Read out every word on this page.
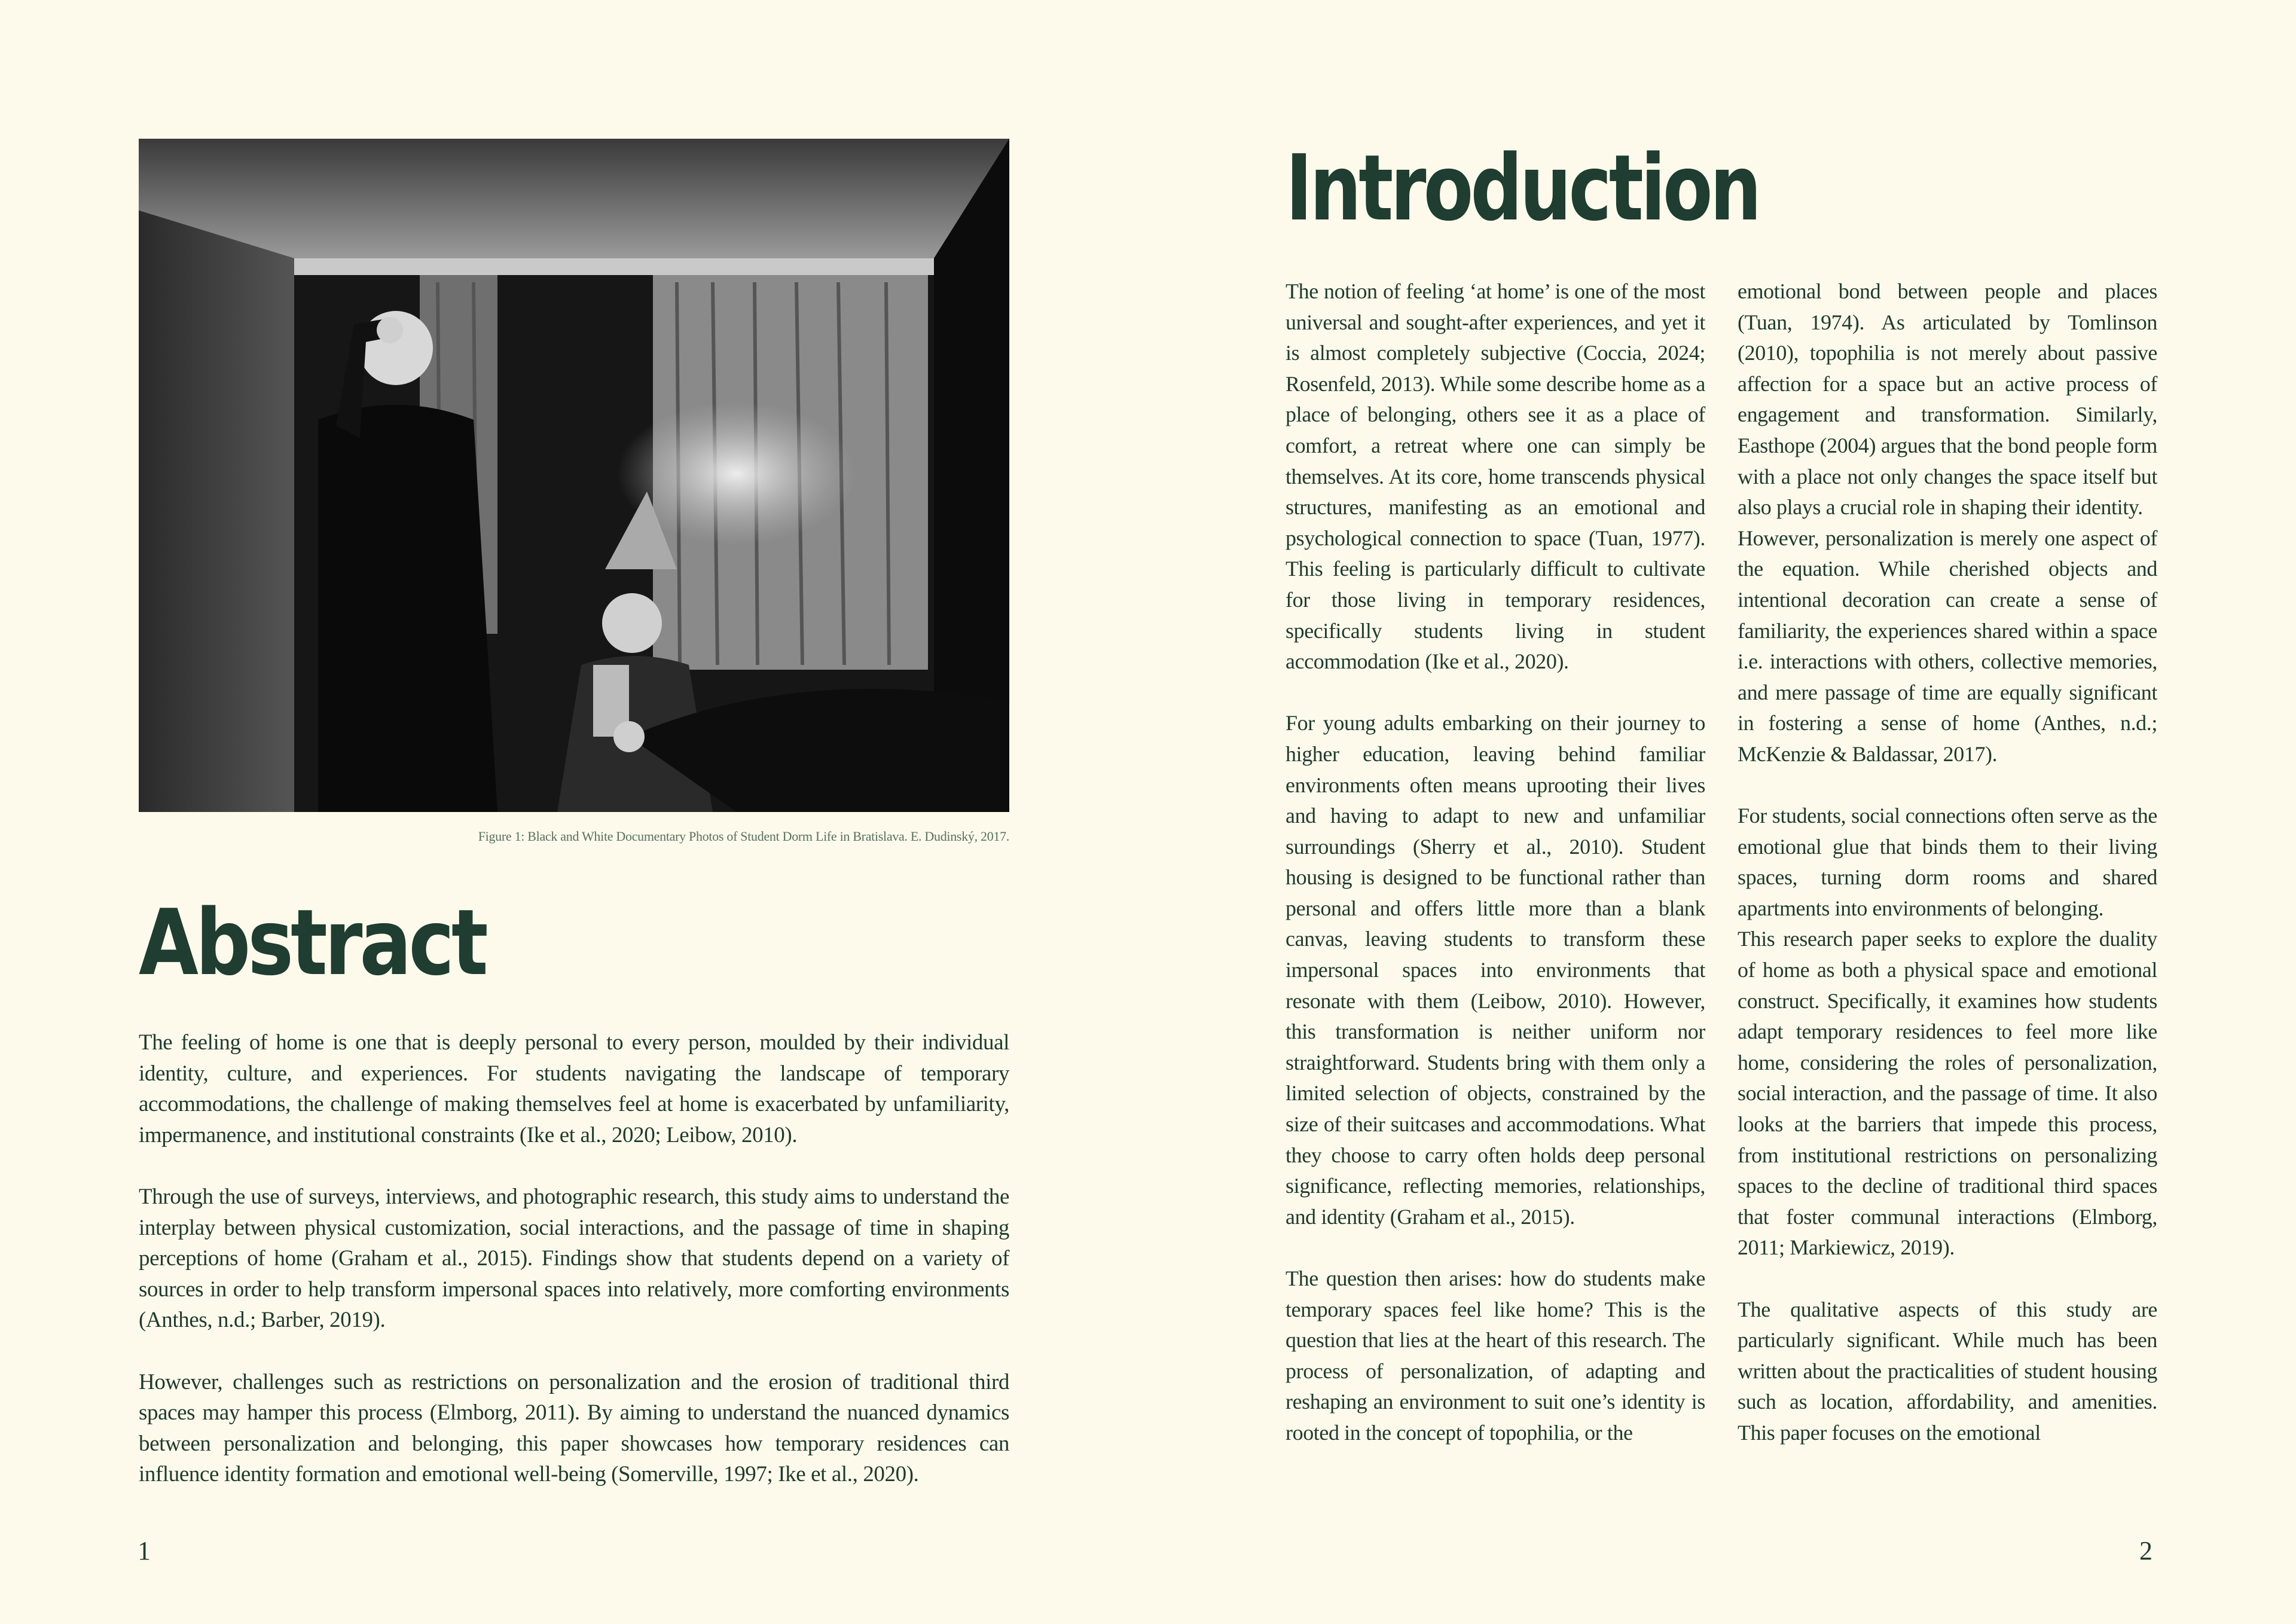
Figure 1: Black and White Documentary Photos of Student Dorm Life in Bratislava. E. Dudinský, 2017.
Abstract

The feeling of home is one that is deeply personal to every person, moulded by their individual identity, culture, and experiences. For students navigating the landscape of temporary accommodations, the challenge of making themselves feel at home is exacerbated by unfamiliarity, impermanence, and institutional constraints (Ike et al., 2020; Leibow, 2010).

Through the use of surveys, interviews, and photographic research, this study aims to understand the interplay between physical customization, social interactions, and the passage of time in shaping perceptions of home (Graham et al., 2015). Findings show that students depend on a variety of sources in order to help transform impersonal spaces into relatively, more comforting environments (Anthes, n.d.; Barber, 2019).

However, challenges such as restrictions on personalization and the erosion of traditional third spaces may hamper this process (Elmborg, 2011). By aiming to understand the nuanced dynamics between personalization and belonging, this paper showcases how temporary residences can influence identity formation and emotional well-being (Somerville, 1997; Ike et al., 2020).

1
Introduction

The notion of feeling ‘at home’ is one of the most universal and sought-after experiences, and yet it is almost completely subjective (Coccia, 2024; Rosenfeld, 2013). While some describe home as a place of belonging, others see it as a place of comfort, a retreat where one can simply be themselves. At its core, home transcends physical structures, manifesting as an emotional and psychological connection to space (Tuan, 1977). This feeling is particularly difficult to cultivate for those living in temporary residences, specifically students living in student accommodation (Ike et al., 2020).

For young adults embarking on their journey to higher education, leaving behind familiar environments often means uprooting their lives and having to adapt to new and unfamiliar surroundings (Sherry et al., 2010). Student housing is designed to be functional rather than personal and offers little more than a blank canvas, leaving students to transform these impersonal spaces into environments that resonate with them (Leibow, 2010). However, this transformation is neither uniform nor straightforward. Students bring with them only a limited selection of objects, constrained by the size of their suitcases and accommodations. What they choose to carry often holds deep personal significance, reflecting memories, relationships, and identity (Graham et al., 2015).

The question then arises: how do students make temporary spaces feel like home? This is the question that lies at the heart of this research. The process of personalization, of adapting and reshaping an environment to suit one’s identity is rooted in the concept of topophilia, or the

emotional bond between people and places (Tuan, 1974). As articulated by Tomlinson (2010), topophilia is not merely about passive affection for a space but an active process of engagement and transformation. Similarly, Easthope (2004) argues that the bond people form with a place not only changes the space itself but also plays a crucial role in shaping their identity.

However, personalization is merely one aspect of the equation. While cherished objects and intentional decoration can create a sense of familiarity, the experiences shared within a space i.e. interactions with others, collective memories, and mere passage of time are equally significant in fostering a sense of home (Anthes, n.d.; McKenzie & Baldassar, 2017).

For students, social connections often serve as the emotional glue that binds them to their living spaces, turning dorm rooms and shared apartments into environments of belonging.

This research paper seeks to explore the duality of home as both a physical space and emotional construct. Specifically, it examines how students adapt temporary residences to feel more like home, considering the roles of personalization, social interaction, and the passage of time. It also looks at the barriers that impede this process, from institutional restrictions on personalizing spaces to the decline of traditional third spaces that foster communal interactions (Elmborg, 2011; Markiewicz, 2019).

The qualitative aspects of this study are particularly significant. While much has been written about the practicalities of student housing such as location, affordability, and amenities. This paper focuses on the emotional

2
